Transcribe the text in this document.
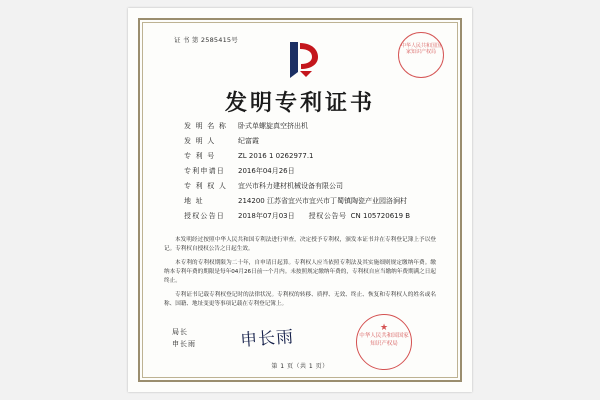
证 书 第 2585415号
中华人民共和国国家知识产权局
发明专利证书
发 明 名 称	卧式单螺旋真空挤出机
发 明 人	纪富霞
专 利 号	ZL 2016 1 0262977.1
专利申请日	2016年04月26日
专 利 权 人	宜兴市科力建材机械设备有限公司
地 址	214200 江苏省宜兴市宜兴市丁蜀镇陶瓷产业园洛涧村
授权公告日	2018年07月03日 授权公告号 CN 105720619 B

本发明经过按照中华人民共和国专利法进行审查，决定授予专利权，颁发本证书并在专利登记簿上予以登记。专利权自授权公告之日起生效。

本专利的专利权期限为二十年，自申请日起算。专利权人应当依照专利法及其实施细则规定缴纳年费。缴纳本专利年费的期限是每年04月26日前一个月内。未按照规定缴纳年费的，专利权自应当缴纳年费期满之日起终止。

专利证书记载专利权登记时的法律状况。专利权的转移、质押、无效、终止、恢复和专利权人的姓名或名称、国籍、地址变更等事项记载在专利登记簿上。

局长
申长雨	申长雨	★
中华人民共和国国家知识产权局
第 1 页（共 1 页）
